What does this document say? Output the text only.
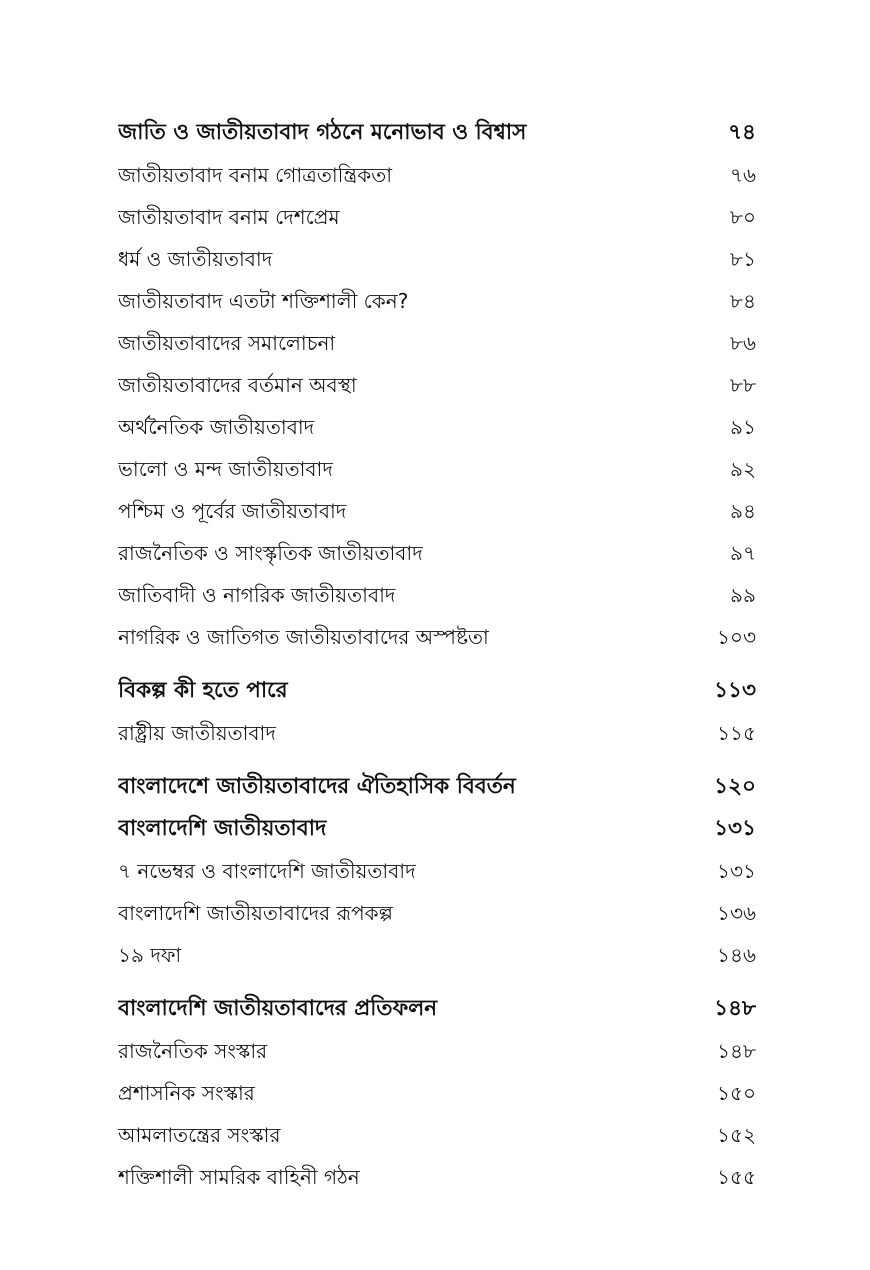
জাতি ও জাতীয়তাবাদ গঠনে মনোভাব ও বিশ্বাস	৭৪
জাতীয়তাবাদ বনাম গোত্রতান্ত্রিকতা	৭৬
জাতীয়তাবাদ বনাম দেশপ্রেম	৮০
ধর্ম ও জাতীয়তাবাদ	৮১
জাতীয়তাবাদ এতটা শক্তিশালী কেন?	৮৪
জাতীয়তাবাদের সমালোচনা	৮৬
জাতীয়তাবাদের বর্তমান অবস্থা	৮৮
অর্থনৈতিক জাতীয়তাবাদ	৯১
ভালো ও মন্দ জাতীয়তাবাদ	৯২
পশ্চিম ও পূর্বের জাতীয়তাবাদ	৯৪
রাজনৈতিক ও সাংস্কৃতিক জাতীয়তাবাদ	৯৭
জাতিবাদী ও নাগরিক জাতীয়তাবাদ	৯৯
নাগরিক ও জাতিগত জাতীয়তাবাদের অস্পষ্টতা	১০৩
বিকল্প কী হতে পারে	১১৩
রাষ্ট্রীয় জাতীয়তাবাদ	১১৫
বাংলাদেশে জাতীয়তাবাদের ঐতিহাসিক বিবর্তন	১২০
বাংলাদেশি জাতীয়তাবাদ	১৩১
৭ নভেম্বর ও বাংলাদেশি জাতীয়তাবাদ	১৩১
বাংলাদেশি জাতীয়তাবাদের রূপকল্প	১৩৬
১৯ দফা	১৪৬
বাংলাদেশি জাতীয়তাবাদের প্রতিফলন	১৪৮
রাজনৈতিক সংস্কার	১৪৮
প্রশাসনিক সংস্কার	১৫০
আমলাতন্ত্রের সংস্কার	১৫২
শক্তিশালী সামরিক বাহিনী গঠন	১৫৫
